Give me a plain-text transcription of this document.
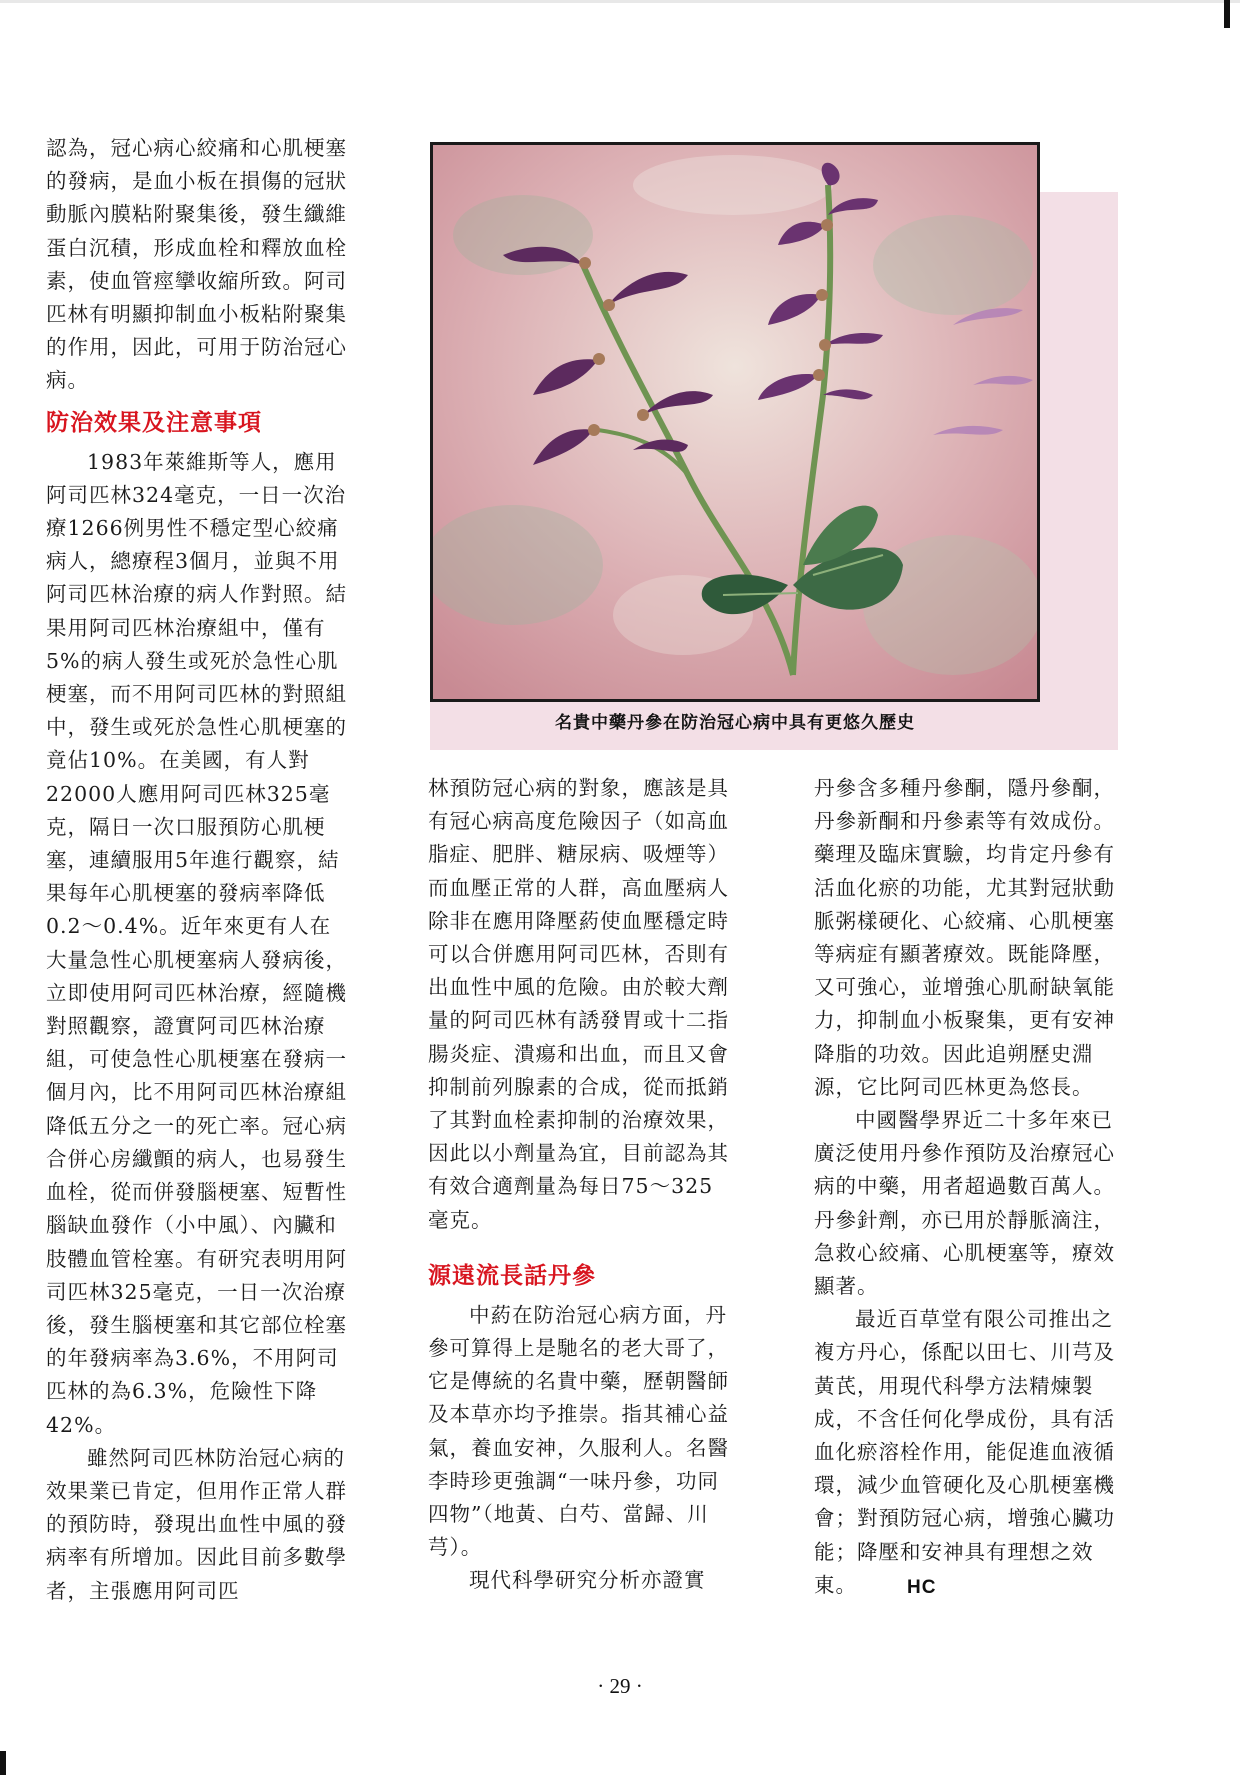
認為，冠心病心絞痛和心肌梗塞的發病，是血小板在損傷的冠狀動脈內膜粘附聚集後，發生纖維蛋白沉積，形成血栓和釋放血栓素，使血管痙攣收縮所致。阿司匹林有明顯抑制血小板粘附聚集的作用，因此，可用于防治冠心病。

防治效果及注意事項

1983年萊維斯等人，應用阿司匹林324毫克，一日一次治療1266例男性不穩定型心絞痛病人，總療程3個月，並與不用阿司匹林治療的病人作對照。結果用阿司匹林治療組中，僅有5%的病人發生或死於急性心肌梗塞，而不用阿司匹林的對照組中，發生或死於急性心肌梗塞的竟佔10%。在美國，有人對22000人應用阿司匹林325毫克，隔日一次口服預防心肌梗塞，連續服用5年進行觀察，結果每年心肌梗塞的發病率降低0.2～0.4%。近年來更有人在大量急性心肌梗塞病人發病後，立即使用阿司匹林治療，經隨機對照觀察，證實阿司匹林治療組，可使急性心肌梗塞在發病一個月內，比不用阿司匹林治療組降低五分之一的死亡率。冠心病合併心房纖顫的病人，也易發生血栓，從而併發腦梗塞、短暫性腦缺血發作（小中風）、內臟和肢體血管栓塞。有研究表明用阿司匹林325毫克，一日一次治療後，發生腦梗塞和其它部位栓塞的年發病率為3.6%，不用阿司匹林的為6.3%，危險性下降42%。

雖然阿司匹林防治冠心病的效果業已肯定，但用作正常人群的預防時，發現出血性中風的發病率有所增加。因此目前多數學者，主張應用阿司匹

名貴中藥丹參在防治冠心病中具有更悠久歷史

林預防冠心病的對象，應該是具有冠心病高度危險因子（如高血脂症、肥胖、糖尿病、吸煙等）而血壓正常的人群，高血壓病人除非在應用降壓葯使血壓穩定時可以合併應用阿司匹林，否則有出血性中風的危險。由於較大劑量的阿司匹林有誘發胃或十二指腸炎症、潰瘍和出血，而且又會抑制前列腺素的合成，從而抵銷了其對血栓素抑制的治療效果，因此以小劑量為宜，目前認為其有效合適劑量為每日75～325毫克。

源遠流長話丹參

中葯在防治冠心病方面，丹參可算得上是馳名的老大哥了，它是傳統的名貴中藥，歷朝醫師及本草亦均予推崇。指其補心益氣，養血安神，久服利人。名醫李時珍更強調“一味丹參，功同四物”（地黃、白芍、當歸、川芎）。

現代科學研究分析亦證實

丹參含多種丹參酮，隱丹參酮，丹參新酮和丹參素等有效成份。藥理及臨床實驗，均肯定丹參有活血化瘀的功能，尤其對冠狀動脈粥樣硬化、心絞痛、心肌梗塞等病症有顯著療效。既能降壓，又可強心，並增強心肌耐缺氧能力，抑制血小板聚集，更有安神降脂的功效。因此追朔歷史淵源，它比阿司匹林更為悠長。

中國醫學界近二十多年來已廣泛使用丹參作預防及治療冠心病的中藥，用者超過數百萬人。丹參針劑，亦已用於靜脈滴注，急救心絞痛、心肌梗塞等，療效顯著。

最近百草堂有限公司推出之複方丹心，係配以田七、川芎及黃芪，用現代科學方法精煉製成，不含任何化學成份，具有活血化瘀溶栓作用，能促進血液循環，減少血管硬化及心肌梗塞機會；對預防冠心病，增強心臟功能；降壓和安神具有理想之效東。	HC

· 29 ·
